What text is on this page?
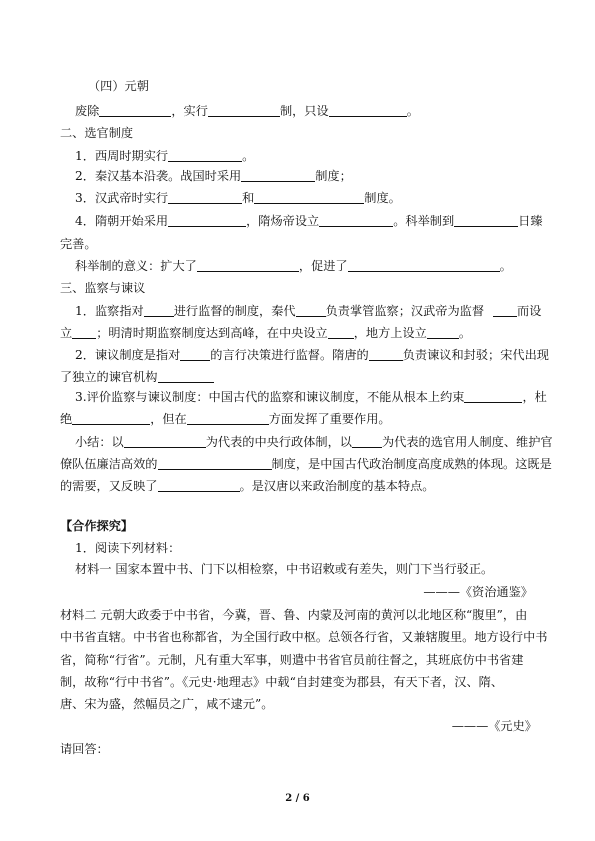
（四）元朝
废除	，实行	制，只设	。
二、选官制度
1．西周时期实行	。
2．秦汉基本沿袭。战国时采用	制度；
3．汉武帝时实行	和	制度。
4．隋朝开始采用	，隋炀帝设立	。科举制到	日臻
完善。
科举制的意义：扩大了	，促进了	。
三、监察与谏议
1．监察指对 进行监督的制度，秦代 负责掌管监察；汉武帝为监督	而设
立 ；明清时期监察制度达到高峰，在中央设立 ，地方上设立	。
2．谏议制度是指对 的言行决策进行监督。隋唐的	负责谏议和封驳；宋代出现
了独立的谏官机构
3.评价监察与谏议制度：中国古代的监察和谏议制度，不能从根本上约束	，杜
绝	，但在	方面发挥了重要作用。
小结：以	为代表的中央行政体制，以 为代表的选官用人制度、维护官
僚队伍廉洁高效的	制度，是中国古代政治制度高度成熟的体现。这既是
的需要，又反映了	。是汉唐以来政治制度的基本特点。
【合作探究】
1．阅读下列材料：
材料一 国家本置中书、门下以相检察，中书诏敕或有差失，则门下当行驳正。
———《资治通鉴》
材料二 元朝大政委于中书省，今冀，晋、鲁、内蒙及河南的黄河以北地区称“腹里”，由
中书省直辖。中书省也称都省，为全国行政中枢。总领各行省，又兼辖腹里。地方设行中书
省，简称“行省”。元制，凡有重大军事，则遣中书省官员前往督之，其班底仿中书省建
制，故称“行中书省”。《元史·地理志》中载“自封建变为郡县，有天下者，汉、隋、
唐、宋为盛，然幅员之广，咸不逮元”。
———《元史》
请回答：
2 / 6
